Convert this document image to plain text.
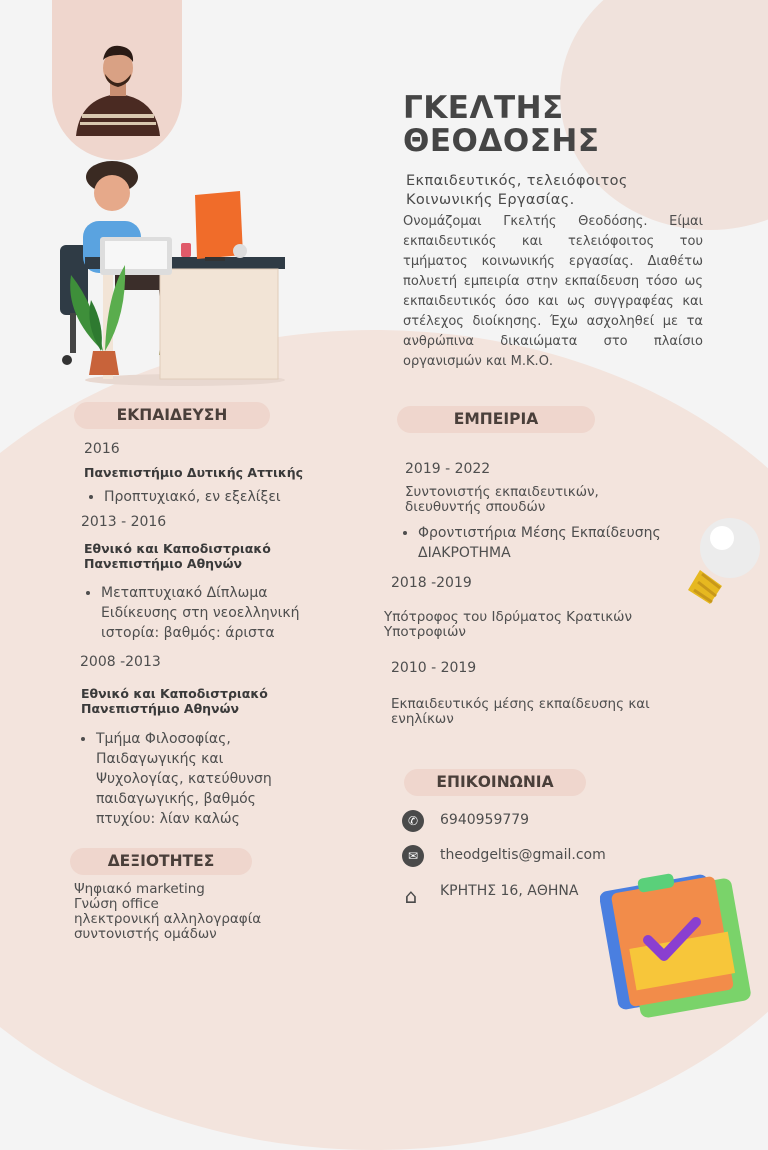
ΓΚΕΛΤΗΣ
ΘΕΟΔΟΣΗΣ
Εκπαιδευτικός, τελειόφοιτος
Κοινωνικής Εργασίας.
Ονομάζομαι Γκελτής Θεοδόσης. Είμαι εκπαιδευτικός και τελειόφοιτος του τμήματος κοινωνικής εργασίας. Διαθέτω πολυετή εμπειρία στην εκπαίδευση τόσο ως εκπαιδευτικός όσο και ως συγγραφέας και στέλεχος διοίκησης. Έχω ασχοληθεί με τα ανθρώπινα δικαιώματα στο πλαίσιο οργανισμών και Μ.Κ.Ο.
ΕΚΠΑΙΔΕΥΣΗ
2016
Πανεπιστήμιο Δυτικής Αττικής
• Προπτυχιακό, εν εξελίξει
2013 - 2016
Εθνικό και Καποδιστριακό
Πανεπιστήμιο Αθηνών
• Μεταπτυχιακό Δίπλωμα Ειδίκευσης στη νεοελληνική ιστορία: βαθμός: άριστα
2008 -2013
Εθνικό και Καποδιστριακό
Πανεπιστήμιο Αθηνών
• Τμήμα Φιλοσοφίας, Παιδαγωγικής και Ψυχολογίας, κατεύθυνση παιδαγωγικής, βαθμός πτυχίου: λίαν καλώς
ΔΕΞΙΟΤΗΤΕΣ
Ψηφιακό marketing
Γνώση office
ηλεκτρονική αλληλογραφία
συντονιστής ομάδων
ΕΜΠΕΙΡΙΑ
2019 - 2022
Συντονιστής εκπαιδευτικών, διευθυντής σπουδών
• Φροντιστήρια Μέσης Εκπαίδευσης
ΔΙΑΚΡΟΤΗΜΑ
2018 -2019
Υπότροφος του Ιδρύματος Κρατικών Υποτροφιών
2010 - 2019
Εκπαιδευτικός μέσης εκπαίδευσης και ενηλίκων
ΕΠΙΚΟΙΝΩΝΙΑ
✆	6940959779
✉	theodgeltis@gmail.com
⌂	ΚΡΗΤΗΣ 16, ΑΘΗΝΑ
